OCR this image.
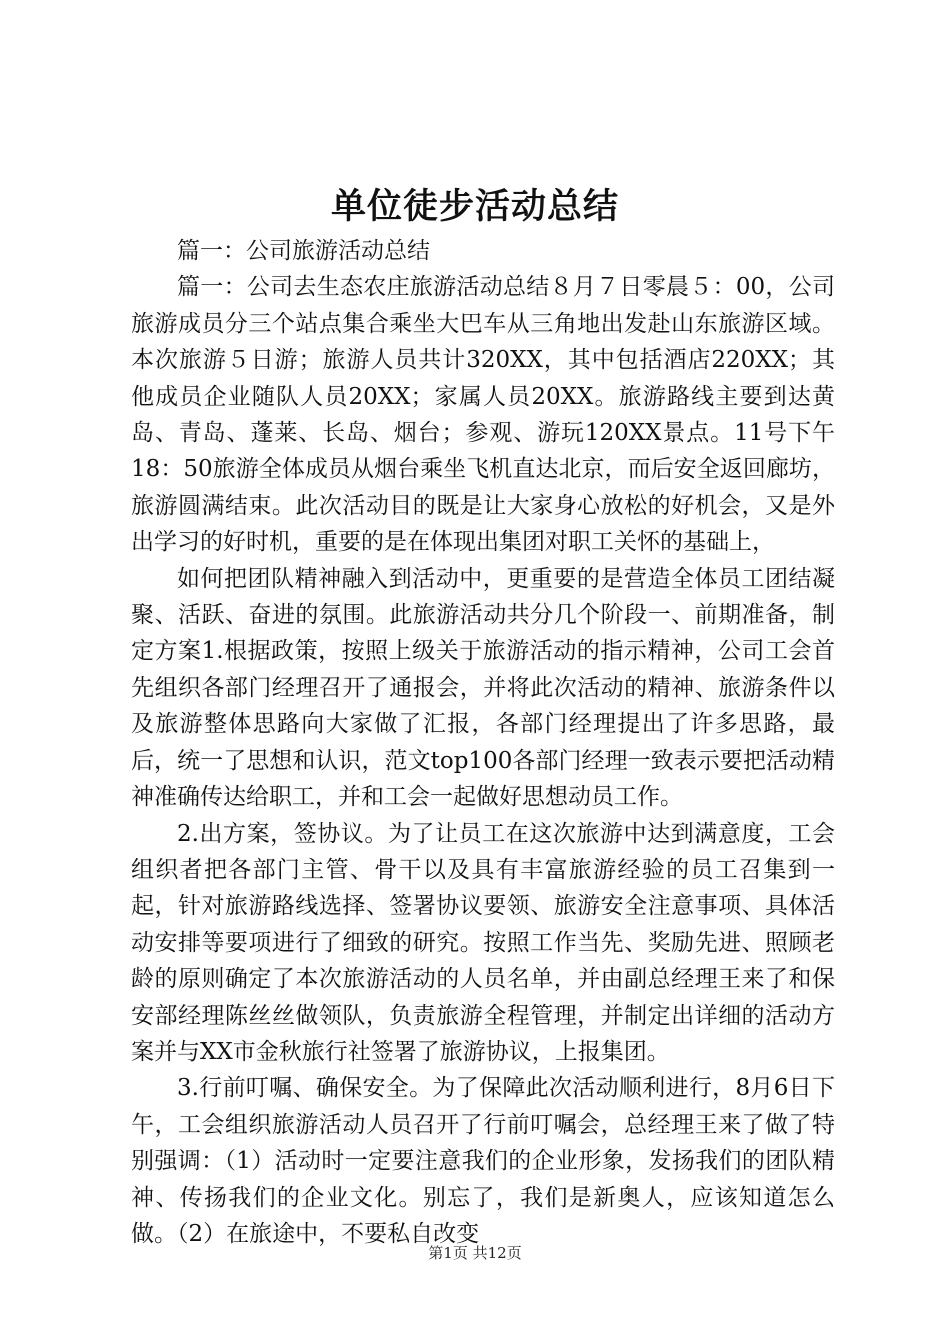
单位徒步活动总结

篇一：公司旅游活动总结

篇一：公司去生态农庄旅游活动总结８月７日零晨５：00，公司旅游成员分三个站点集合乘坐大巴车从三角地出发赴山东旅游区域。本次旅游５日游；旅游人员共计320XX，其中包括酒店220XX；其他成员企业随队人员20XX；家属人员20XX。旅游路线主要到达黄岛、青岛、蓬莱、长岛、烟台；参观、游玩120XX景点。11号下午18：50旅游全体成员从烟台乘坐飞机直达北京，而后安全返回廊坊，旅游圆满结束。此次活动目的既是让大家身心放松的好机会，又是外出学习的好时机，重要的是在体现出集团对职工关怀的基础上，

如何把团队精神融入到活动中，更重要的是营造全体员工团结凝聚、活跃、奋进的氛围。此旅游活动共分几个阶段一、前期准备，制定方案1.根据政策，按照上级关于旅游活动的指示精神，公司工会首先组织各部门经理召开了通报会，并将此次活动的精神、旅游条件以及旅游整体思路向大家做了汇报，各部门经理提出了许多思路，最后，统一了思想和认识，范文top100各部门经理一致表示要把活动精神准确传达给职工，并和工会一起做好思想动员工作。

2.出方案，签协议。为了让员工在这次旅游中达到满意度，工会组织者把各部门主管、骨干以及具有丰富旅游经验的员工召集到一起，针对旅游路线选择、签署协议要领、旅游安全注意事项、具体活动安排等要项进行了细致的研究。按照工作当先、奖励先进、照顾老龄的原则确定了本次旅游活动的人员名单，并由副总经理王来了和保安部经理陈丝丝做领队，负责旅游全程管理，并制定出详细的活动方案并与XX市金秋旅行社签署了旅游协议，上报集团。

3.行前叮嘱、确保安全。为了保障此次活动顺利进行，8月6日下午，工会组织旅游活动人员召开了行前叮嘱会，总经理王来了做了特别强调：（1）活动时一定要注意我们的企业形象，发扬我们的团队精神、传扬我们的企业文化。别忘了，我们是新奥人，应该知道怎么做。（2）在旅途中，不要私自改变

第1页 共12页
